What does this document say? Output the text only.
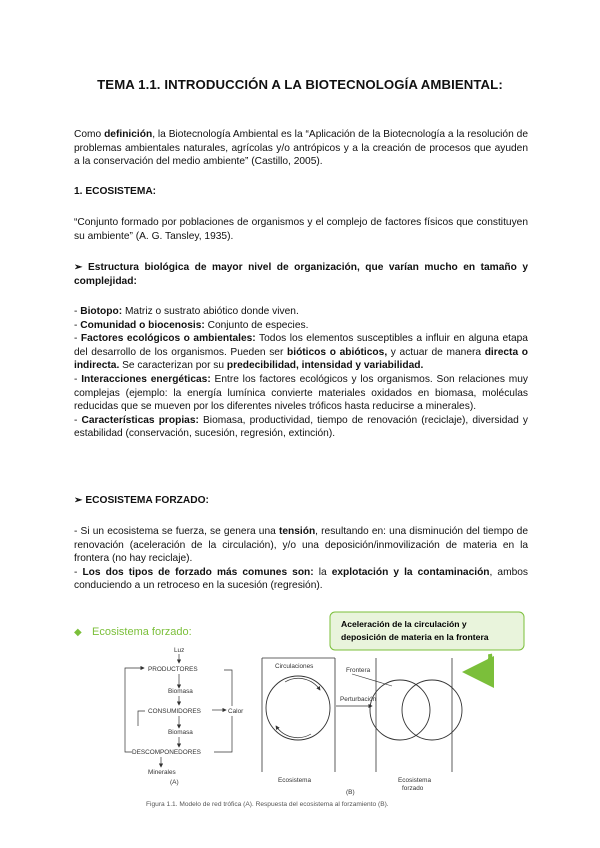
TEMA 1.1. INTRODUCCIÓN A LA BIOTECNOLOGÍA AMBIENTAL:
Como definición, la Biotecnología Ambiental es la “Aplicación de la Biotecnología a la resolución de problemas ambientales naturales, agrícolas y/o antrópicos y a la creación de procesos que ayuden a la conservación del medio ambiente” (Castillo, 2005).
1. ECOSISTEMA:
“Conjunto formado por poblaciones de organismos y el complejo de factores físicos que constituyen su ambiente” (A. G. Tansley, 1935).
➢ Estructura biológica de mayor nivel de organización, que varían mucho en tamaño y complejidad:
- Biotopo: Matriz o sustrato abiótico donde viven.
- Comunidad o biocenosis: Conjunto de especies.
- Factores ecológicos o ambientales: Todos los elementos susceptibles a influir en alguna etapa del desarrollo de los organismos. Pueden ser bióticos o abióticos, y actuar de manera directa o indirecta. Se caracterizan por su predecibilidad, intensidad y variabilidad.
- Interacciones energéticas: Entre los factores ecológicos y los organismos. Son relaciones muy complejas (ejemplo: la energía lumínica convierte materiales oxidados en biomasa, moléculas reducidas que se mueven por los diferentes niveles tróficos hasta reducirse a minerales).
- Características propias: Biomasa, productividad, tiempo de renovación (reciclaje), diversidad y estabilidad (conservación, sucesión, regresión, extinción).
➢ ECOSISTEMA FORZADO:
- Si un ecosistema se fuerza, se genera una tensión, resultando en: una disminución del tiempo de renovación (aceleración de la circulación), y/o una deposición/inmovilización de materia en la frontera (no hay reciclaje).
- Los dos tipos de forzado más comunes son: la explotación y la contaminación, ambos conduciendo a un retroceso en la sucesión (regresión).
◆ Ecosistema forzado:
Aceleración de la circulación y
deposición de materia en la frontera
Luz
PRODUCTORES
Biomasa
CONSUMIDORES	Calor
Biomasa
DESCOMPONEDORES
Minerales
(A)
Circulaciones
Ecosistema
Frontera
Perturbación
Ecosistema
forzado
(B)
Figura 1.1. Modelo de red trófica (A). Respuesta del ecosistema al forzamiento (B).
